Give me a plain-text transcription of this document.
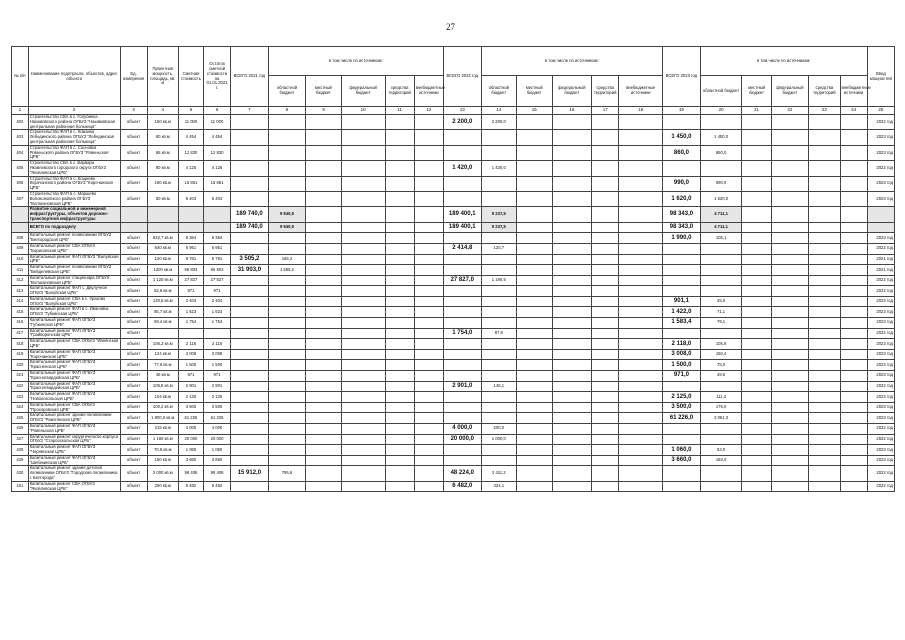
27
№ п/п	Наименование подотрасли, объектов, адрес объекта	Ед. измерения	Проектная мощность, площадь, кв. м	Сметная стоимость	Остаток сметной стоимости на 01.01.2021 г.	ВСЕГО 2021 год	в том числе по источникам:					ВСЕГО 2022 год	в том числе по источникам:					ВСЕГО 2023 год	в том числе по источникам:					Ввод мощностей
							областной бюджет	местный бюджет	федеральный бюджет	средства территорий	внебюджетные источники		областной бюджет	местный бюджет	федеральный бюджет	средства территорий	внебюджетные источники		областной бюджет	местный бюджет	федеральный бюджет	средства территорий	внебюджетные источники	
1	2	3	4	5	6	7	8	9	10	11	12	13	14	15	16	17	18	19	20	21	22	23	24	25
402	Строительство СВА в с. Голубинка Нахимовского района ОГБУЗ "Нахимовская центральная районная больница"	объект	150 кв.м	11 000	11 000							2 200,0	2 200,0											2022 год
403	Строительство ФАП в с. Кожанка Лебединского района ОГБУЗ "Лебединская центральная районная больница"	объект	60 кв.м	4 454	4 454													1 450,0	1 450,0					2023 год
404	Строительство ФАП в с. Сосновка Ровеньского района ОГБУЗ "Ровеньская ЦРБ"	объект	66 кв.м	12 830	12 830													860,0	860,0					2023 год
405	Строительство СВА в с. Варвара Яковлевского городского округа ОГБУЗ "Яковлевская ЦРБ"	объект	80 кв.м	4 125	4 125							1 420,0	1 420,0											2022 год
406	Строительство ФАП в с. Кощеево Корочанского района ОГБУЗ "Корочанская ЦРБ"	объект	180 кв.м	15 861	15 861													990,0	990,0					2023 год
407	Строительство ФАП в с. Маршево Волоконовского района ОГБУЗ "Волоконовская ЦРБ"	объект	60 кв.м	5 404	5 404													1 620,0	1 620,0					2023 год
	Развитие социальной и инженерной инфраструктуры, объектов дорожно-транспортной инфраструктуры					189 740,0	9 940,5					189 400,1	9 237,5					98 343,0	4 711,1					
	ВСЕГО по подразделу					189 740,0	9 940,5					189 400,1	9 237,5					98 343,0	4 711,1					
408	Капитальный ремонт поликлиники ОГБУЗ "Белгородская ЦРБ"	объект	622,7 кв.м	6 364	6 364													1 990,0	105,1					2023 год
409	Капитальный ремонт СВА ОГБУЗ "Борисовская ЦРБ"	объект	640 кв.м	5 951	5 951							2 414,8	120,7											2022 год
410	Капитальный ремонт ФАП ОГБУЗ "Валуйская ЦРБ"	объект	120 кв.м	5 781	5 781	3 505,2	155,2																	2021 год
411	Капитальный ремонт поликлиники ОГБУЗ "Вейделевская ЦРБ"	объект	1200 кв.м	66 803	66 803	31 903,0	1 595,2																	2021 год
412	Капитальный ремонт стационара ОГБУЗ "Волоконовская ЦРБ"	объект	1 120 кв.м	27 827	27 827							27 827,0	1 190,5											2022 год
413	Капитальный ремонт ФАП с. Двулучное ОГБУЗ "Валуйская ЦРБ"	объект	62,8 кв.м	971	971																			2022 год
414	Капитальный ремонт СВА в с. Уразово ОГБУЗ "Валуйская ЦРБ"	объект	130,5 кв.м	2 404	2 404													901,1	45,0					2023 год
415	Капитальный ремонт ФАП в с. Ивановка ОГБУЗ "Губкинская ЦРБ"	объект	85,7 кв.м	1 623	1 623													1 422,0	71,1					2023 год
416	Капитальный ремонт ФАП ОГБУЗ "Губкинская ЦРБ"	объект	69,4 кв.м	1 754	1 754													1 583,4	79,1					2023 год
417	Капитальный ремонт ФАП ОГБУЗ "Грайворонская ЦРБ"	объект										1 754,0	87,6											2022 год
418	Капитальный ремонт СВА ОГБУЗ "Ивнянская ЦРБ"	объект	106,2 кв.м	2 118	2 118													2 118,0	105,9					2023 год
419	Капитальный ремонт ФАП ОГБУЗ "Корочанская ЦРБ"	объект	124 кв.м	3 008	3 008													3 008,0	150,4					2023 год
420	Капитальный ремонт ФАП ОГБУЗ "Красненская ЦРБ"	объект	77,6 кв.м	1 500	1 500													1 500,0	75,0					2023 год
421	Капитальный ремонт ФАП ОГБУЗ "Красногвардейская ЦРБ"	объект	45 кв.м	971	971													971,0	48,6					2023 год
422	Капитальный ремонт ФАП ОГБУЗ "Красногвардейская ЦРБ"	объект	105,8 кв.м	2 901	2 901							2 901,0	145,1											2022 год
423	Капитальный ремонт ФАП ОГБУЗ "Новооскольская ЦРБ"	объект	104 кв.м	2 125	2 125													2 125,0	111,3					2023 год
424	Капитальный ремонт СВА ОГБУЗ "Прохоровская ЦРБ"	объект	100,2 кв.м	3 500	3 500													3 500,0	175,0					2023 год
425	Капитальный ремонт здания поликлиники ОГБУЗ "Ракитянская ЦРБ"	объект	1 800,0 кв.м	61 226	61 226													61 226,0	3 061,3					2023 год
426	Капитальный ремонт ФАП ОГБУЗ "Ровеньская ЦРБ"	объект	215 кв.м	4 000	4 000							4 000,0	200,0											2022 год
427	Капитальный ремонт хирургического корпуса ОГБУЗ "Старооскольская ЦРБ"	объект	1 160 кв.м	20 000	20 000							20 000,0	1 000,0											2022 год
428	Капитальный ремонт ФАП ОГБУЗ "Чернянская ЦРБ"	объект	70,5 кв.м	1 060	1 060													1 060,0	53,0					2023 год
429	Капитальный ремонт ФАП ОГБУЗ "Шебекинская ЦРБ"	объект	150 кв.м	3 660	3 660													3 660,0	183,0					2023 год
430	Капитальный ремонт здания детской поликлиники ОГБУЗ "Городская поликлиника г. Белгорода"	объект	2 000 кв.м	98 408	98 408	15 912,0	795,6					48 224,0	2 411,2											2022 год
431	Капитальный ремонт СВА ОГБУЗ "Яковлевская ЦРБ"	объект	250 кв.м	6 482	6 482							6 482,0	324,1											2022 год
